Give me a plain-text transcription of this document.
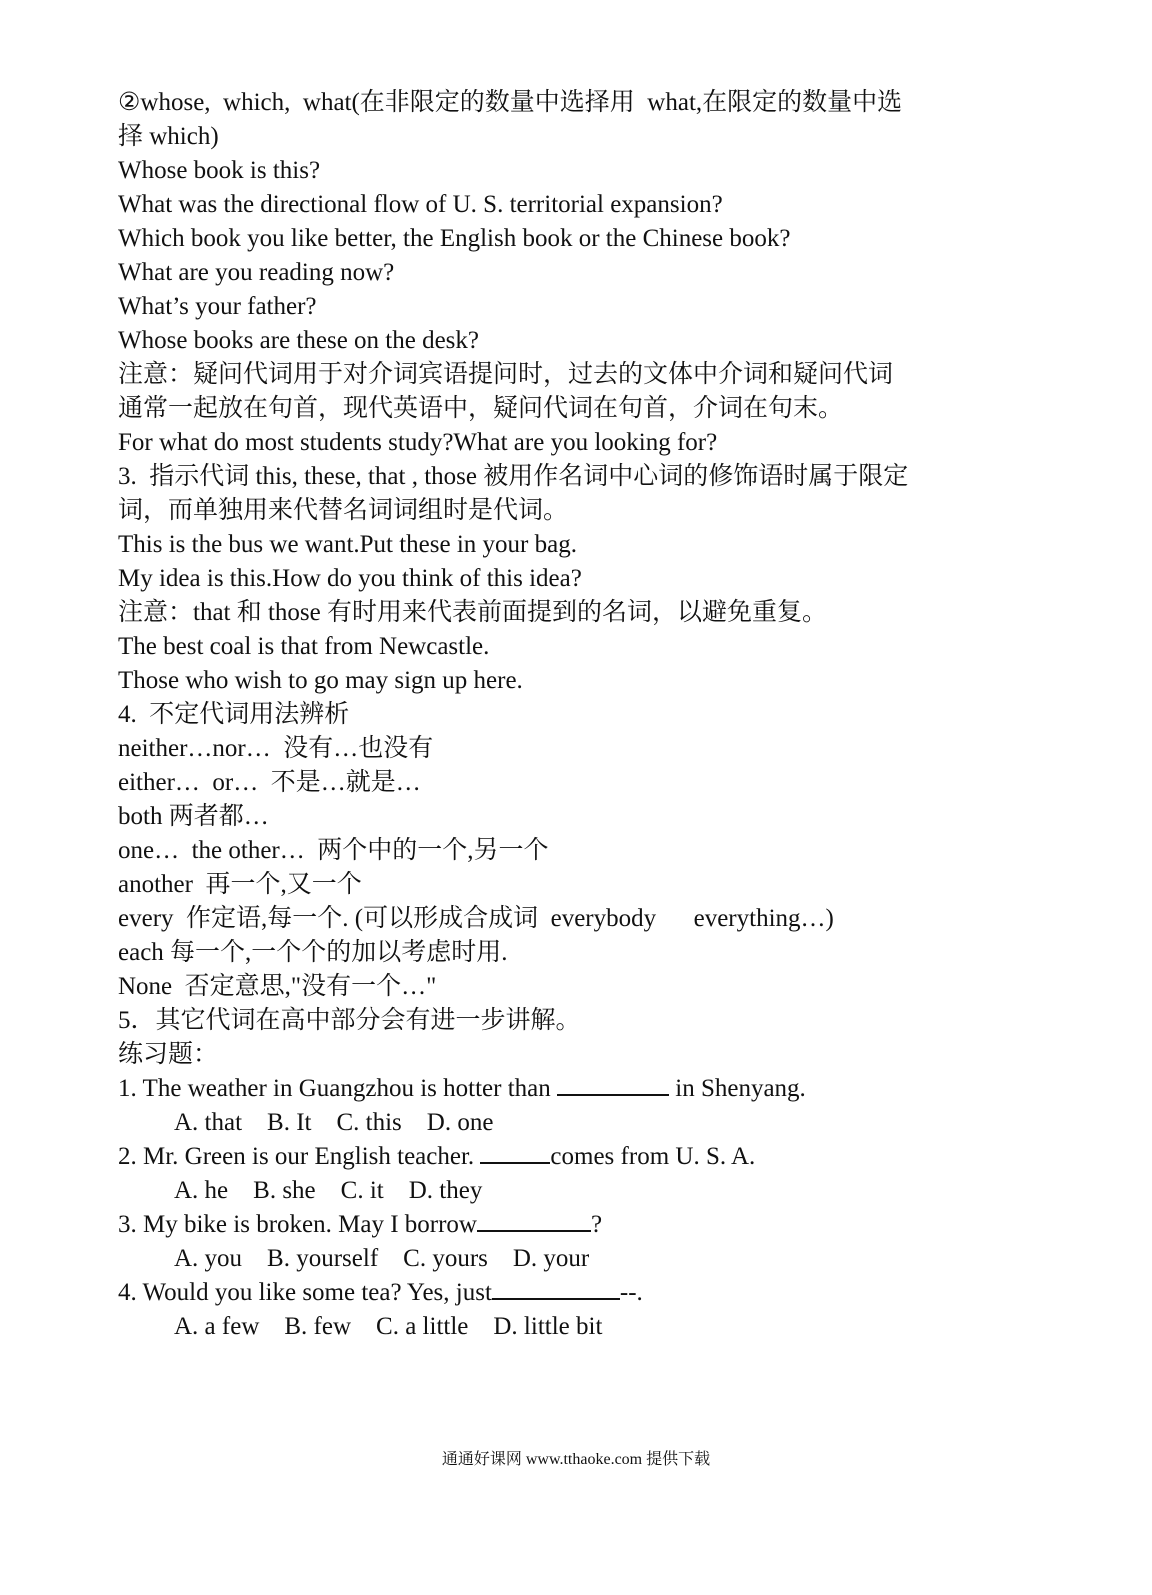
②whose,  which,  what(在非限定的数量中选择用  what,在限定的数量中选
择 which)
Whose book is this?
What was the directional flow of U. S. territorial expansion?
Which book you like better, the English book or the Chinese book?
What are you reading now?
What’s your father?
Whose books are these on the desk?
注意：疑问代词用于对介词宾语提问时，过去的文体中介词和疑问代词
通常一起放在句首，现代英语中，疑问代词在句首，介词在句末。
For what do most students study?What are you looking for?
3.  指示代词 this, these, that , those 被用作名词中心词的修饰语时属于限定
词，而单独用来代替名词词组时是代词。
This is the bus we want.Put these in your bag.
My idea is this.How do you think of this idea?
注意：that 和 those 有时用来代表前面提到的名词，以避免重复。
The best coal is that from Newcastle.
Those who wish to go may sign up here.
4.  不定代词用法辨析
neither…nor…  没有…也没有
either…  or…  不是…就是…
both 两者都…
one…  the other…  两个中的一个,另一个
another  再一个,又一个
every  作定语,每一个. (可以形成合成词  everybody      everything…)
each 每一个,一个个的加以考虑时用.
None  否定意思,"没有一个…"
5．其它代词在高中部分会有进一步讲解。
练习题：
1. The weather in Guangzhou is hotter than	in Shenyang.
A. that    B. It    C. this    D. one
2. Mr. Green is our English teacher.	comes from U. S. A.
A. he    B. she    C. it    D. they
3. My bike is broken. May I borrow	?
A. you    B. yourself    C. yours    D. your
4. Would you like some tea? Yes, just	--.
A. a few    B. few    C. a little    D. little bit
通通好课网 www.tthaoke.com 提供下载
